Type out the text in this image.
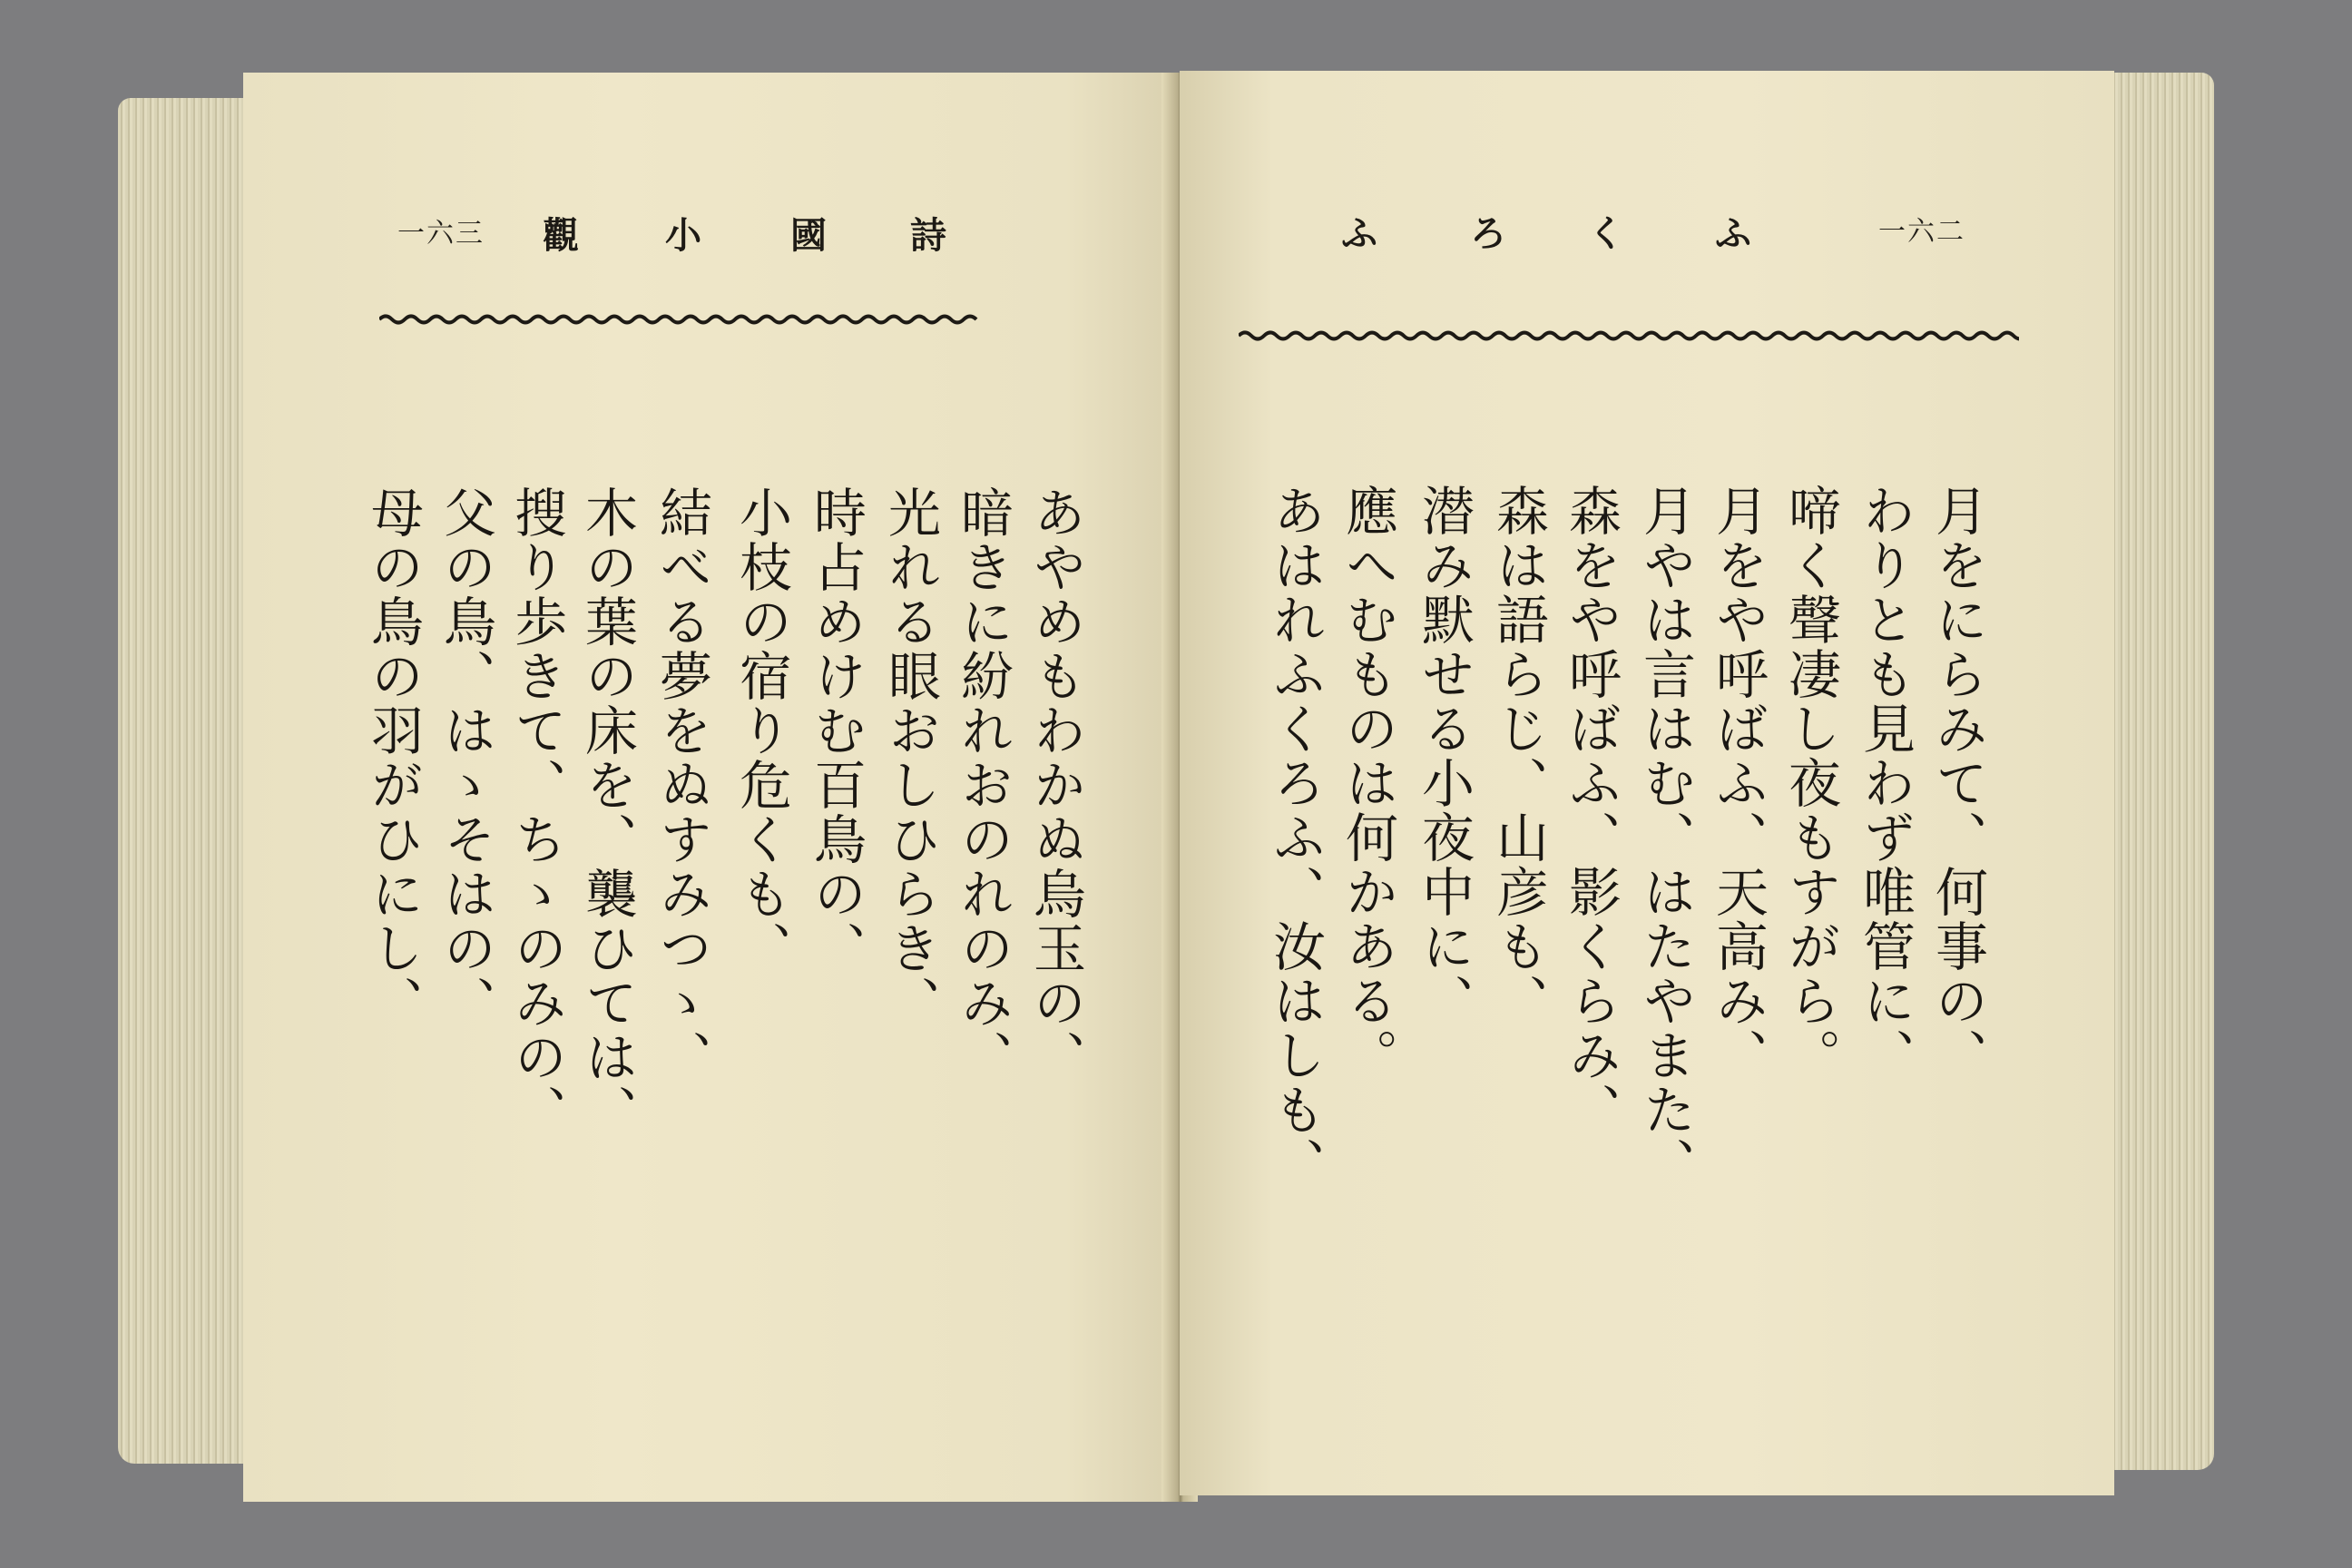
一六三	詩
國
小
觀
あやめもわかぬ烏玉の、
暗きに紛れおのれのみ、
光れる眼おしひらき、
時占めけむ百鳥の、
小枝の宿り危くも、
結べる夢をぬすみつゝ、
木の葉の床を、襲ひては、
搜り歩きて、ちゝのみの、
父の鳥、はゝそはの、
母の鳥の羽がひにし、
一六二
ふ
く
ろ
ふ
月をにらみて、何事の、
わりとも見わず唯管に、
啼く聲凄し夜もすがら。
月をや呼ばふ、天高み、
月やは言はむ、はたやまた、
森をや呼ばふ、影くらみ、
森は語らじ、山彦も、
潜み默せる小夜中に、
應へむものは何かある。
あはれふくろふ、汝はしも、
